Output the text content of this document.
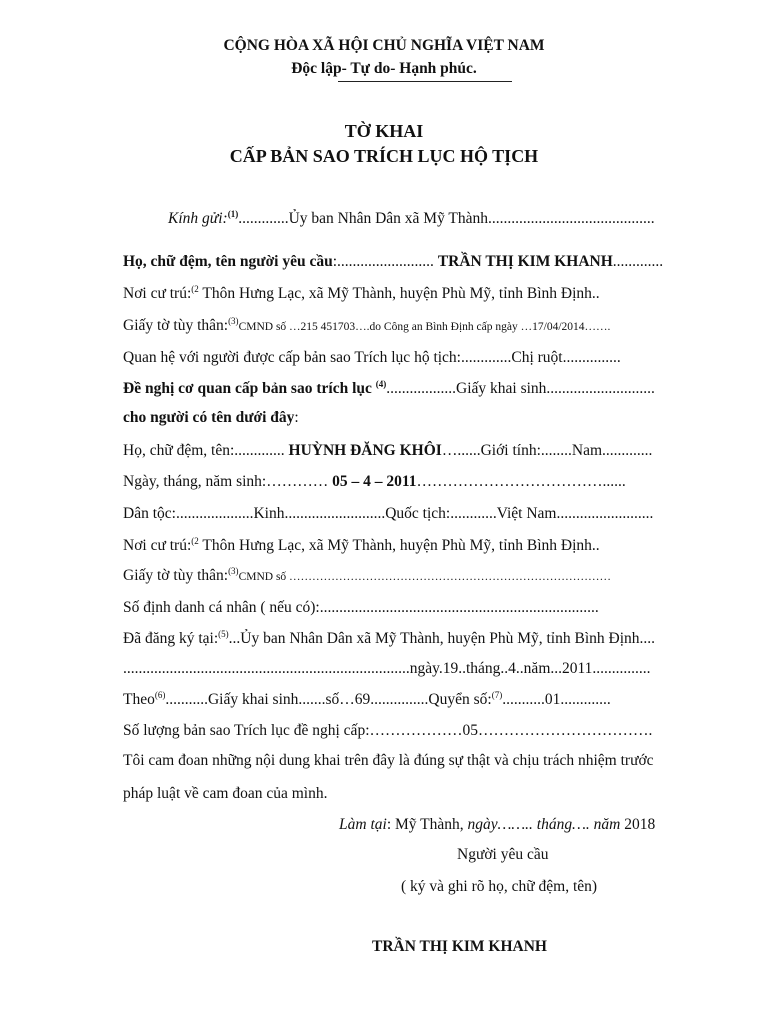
CỘNG HÒA XÃ HỘI CHỦ NGHĨA VIỆT NAM
Độc lập- Tự do- Hạnh phúc.
TỜ KHAI
CẤP BẢN SAO TRÍCH LỤC HỘ TỊCH
Kính gửi:$^{(1)}$.............Ủy ban Nhân Dân xã Mỹ Thành...........................................
Họ, chữ đệm, tên người yêu cầu:......................... TRẦN THỊ KIM KHANH.............
Nơi cư trú:$^{(2}$ Thôn Hưng Lạc, xã Mỹ Thành, huyện Phù Mỹ, tỉnh Bình Định..
Giấy tờ tùy thân:$^{(3)}$CMND số …215 451703….do Công an Bình Định cấp ngày …17/04/2014…….
Quan hệ với người được cấp bản sao Trích lục hộ tịch:.............Chị ruột...............
Đề nghị cơ quan cấp bản sao trích lục $^{(4)}$..................Giấy khai sinh............................
cho người có tên dưới đây:
Họ, chữ đệm, tên:............. HUỲNH ĐĂNG KHÔI…......Giới tính:........Nam.............
Ngày, tháng, năm sinh:………… 05 – 4 – 2011………………………………......
Dân tộc:....................Kinh..........................Quốc tịch:............Việt Nam.........................
Nơi cư trú:$^{(2}$ Thôn Hưng Lạc, xã Mỹ Thành, huyện Phù Mỹ, tỉnh Bình Định..
Giấy tờ tùy thân:$^{(3)}$CMND số …………………………………………………………………………
Số định danh cá nhân ( nếu có):........................................................................
Đã đăng ký tại:$^{(5)}$...Ủy ban Nhân Dân xã Mỹ Thành, huyện Phù Mỹ, tỉnh Bình Định....
..........................................................................ngày.19..tháng..4..năm...2011...............
Theo$^{(6)}$...........Giấy khai sinh.......số…69...............Quyển số:$^{(7)}$...........01.............
Số lượng bản sao Trích lục đề nghị cấp:………………05…………………………….
Tôi cam đoan những nội dung khai trên đây là đúng sự thật và chịu trách nhiệm trước
pháp luật về cam đoan của mình.
Làm tại: Mỹ Thành, ngày…….. tháng…. năm 2018
Người yêu cầu
( ký và ghi rõ họ, chữ đệm, tên)
TRẦN THỊ KIM KHANH
